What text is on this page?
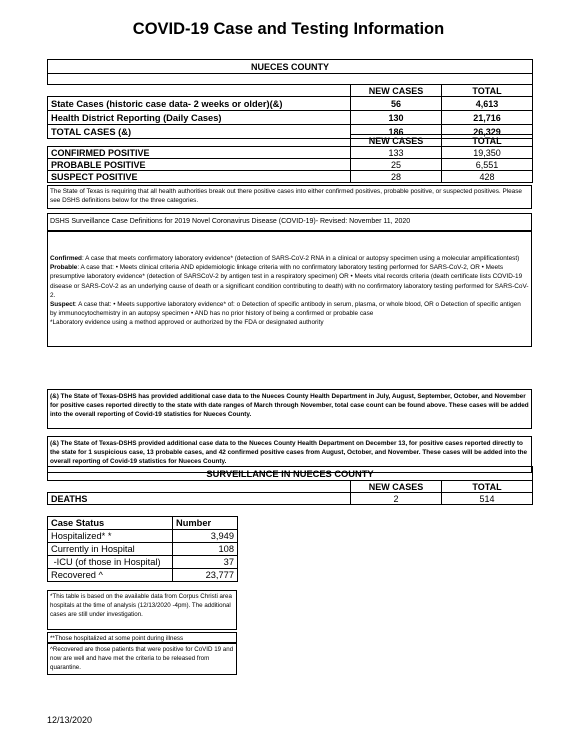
COVID-19 Case and Testing Information
NUECES COUNTY		

	NEW CASES	TOTAL
State Cases (historic case data- 2 weeks or older)(&)	56	4,613
Health District Reporting (Daily Cases)	130	21,716
TOTAL CASES (&)	186	26,329
	NEW CASES	TOTAL
CONFIRMED POSITIVE	133	19,350
PROBABLE POSITIVE	25	6,551
SUSPECT POSITIVE	28	428

The State of Texas is requiring that all health authorities break out there positive cases into either confirmed positives, probable positive, or suspected positives. Please see DSHS definitions below for the three categories.

DSHS Surveillance Case Definitions for 2019 Novel Coronavirus Disease (COVID-19)- Revised: November 11, 2020

Confirmed: A case that meets confirmatory laboratory evidence* (detection of SARS-CoV-2 RNA in a clinical or autopsy specimen using a molecular amplificationtest)

Probable: A case that: • Meets clinical criteria AND epidemiologic linkage criteria with no confirmatory laboratory testing performed for SARS-CoV-2, OR • Meets presumptive laboratory evidence* (detection of SARSCoV-2 by antigen test in a respiratory specimen) OR • Meets vital records criteria (death certificate lists COVID-19 disease or SARS-CoV-2 as an underlying cause of death or a significant condition contributing to death) with no confirmatory laboratory testing performed for SARS-CoV-2.

Suspect: A case that: • Meets supportive laboratory evidence* of: o Detection of specific antibody in serum, plasma, or whole blood, OR o Detection of specific antigen by immunocytochemistry in an autopsy specimen • AND has no prior history of being a confirmed or probable case

*Laboratory evidence using a method approved or authorized by the FDA or designated authority

(&) The State of Texas-DSHS has provided additional case data to the Nueces County Health Department in July, August, September, October, and November for positive cases reported directly to the state with date ranges of March through November, total case count can be found above. These cases will be added into the overall reporting of Covid-19 statistics for Nueces County.

(&) The State of Texas-DSHS provided additional case data to the Nueces County Health Department on December 13, for positive cases reported directly to the state for 1 suspicious case, 13 probable cases, and 42 confirmed positive cases from August, October, and November. These cases will be added into the overall reporting of Covid-19 statistics for Nueces County.

SURVEILLANCE IN NUECES COUNTY		
	NEW CASES	TOTAL
DEATHS	2	514
Case Status	Number
Hospitalized* *	3,949
Currently in Hospital	108
-ICU (of those in Hospital)	37
Recovered ^	23,777

*This table is based on the available data from Corpus Christi area hospitals at the time of analysis (12/13/2020 -4pm). The additional cases are still under investigation.

**Those hospitalized at some point during illness

^Recovered are those patients that were positive for CoVID 19 and now are well and have met the criteria to be released from quarantine.

12/13/2020
